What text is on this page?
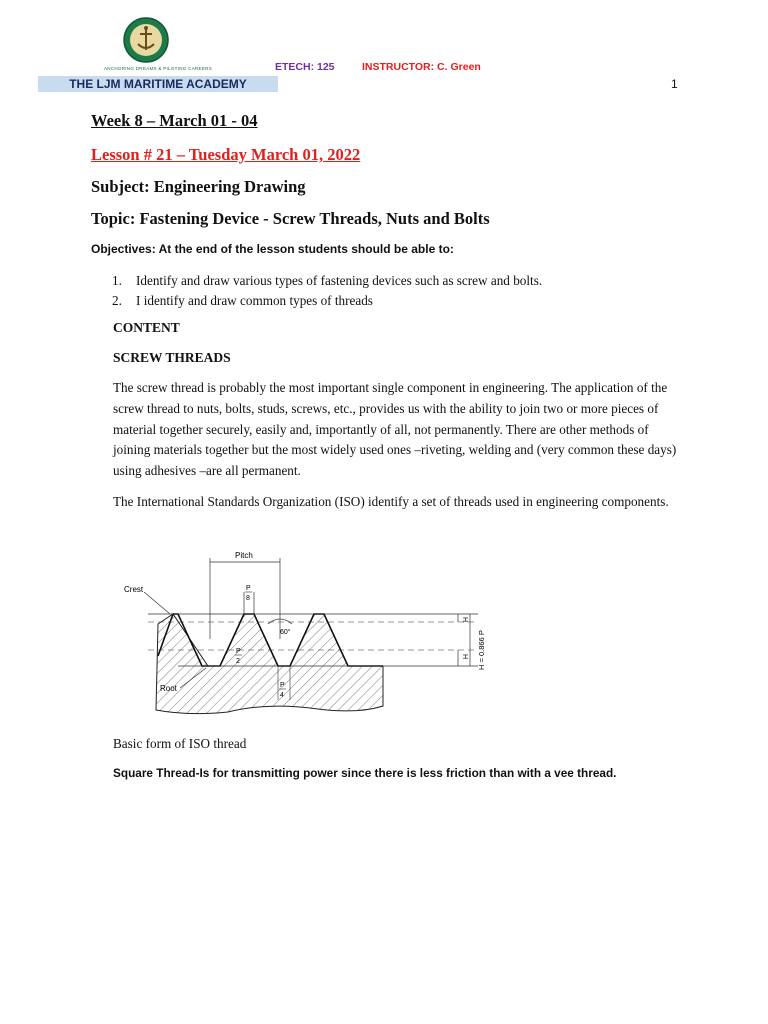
ANCHORING DREAMS & PILOTING CAREERS
THE LJM MARITIME ACADEMY
ETECH: 125	INSTRUCTOR: C. Green
1
Week 8 – March 01 - 04
Lesson # 21 – Tuesday March 01, 2022
Subject: Engineering Drawing
Topic: Fastening Device - Screw Threads, Nuts and Bolts
Objectives: At the end of the lesson students should be able to:
1. Identify and draw various types of fastening devices such as screw and bolts.
2. I identify and draw common types of threads
CONTENT
SCREW THREADS
The screw thread is probably the most important single component in engineering. The application of the screw thread to nuts, bolts, studs, screws, etc., provides us with the ability to join two or more pieces of material together securely, easily and, importantly of all, not permanently. There are other methods of joining materials together but the most widely used ones –riveting, welding and (very common these days) using adhesives –are all permanent.
The International Standards Organization (ISO) identify a set of threads used in engineering components.
Pitch
P
8
60°
P
2
P
4
Crest
Root
H
H H = 0.866 P
Basic form of ISO thread
Square Thread-Is for transmitting power since there is less friction than with a vee thread.
